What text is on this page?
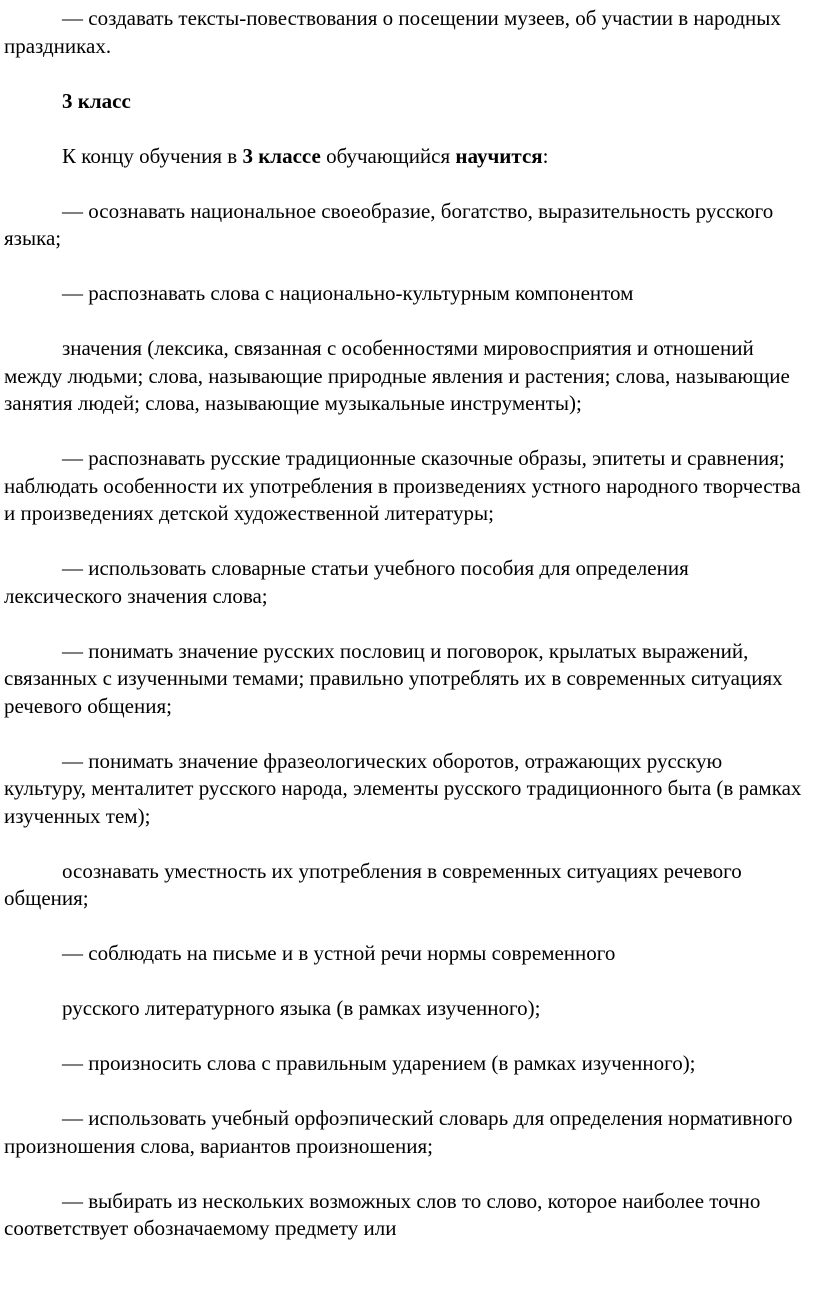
— создавать тексты-повествования о посещении музеев, об участии в народных праздниках.

3 класс

К концу обучения в 3 классе обучающийся научится:

— осознавать национальное своеобразие, богатство, выразительность русского языка;

— распознавать слова с национально-культурным компонентом

значения (лексика, связанная с особенностями мировосприятия и отношений между людьми; слова, называющие природные явления и растения; слова, называющие занятия людей; слова, называющие музыкальные инструменты);

— распознавать русские традиционные сказочные образы, эпитеты и сравнения; наблюдать особенности их употребления в произведениях устного народного творчества и произведениях детской художественной литературы;

— использовать словарные статьи учебного пособия для определения лексического значения слова;

— понимать значение русских пословиц и поговорок, крылатых выражений, связанных с изученными темами; правильно употреблять их в современных ситуациях речевого общения;

— понимать значение фразеологических оборотов, отражающих русскую культуру, менталитет русского народа, элементы русского традиционного быта (в рамках изученных тем);

осознавать уместность их употребления в современных ситуациях речевого общения;

— соблюдать на письме и в устной речи нормы современного

русского литературного языка (в рамках изученного);

— произносить слова с правильным ударением (в рамках изученного);

— использовать учебный орфоэпический словарь для определения нормативного произношения слова, вариантов произношения;

— выбирать из нескольких возможных слов то слово, которое наиболее точно соответствует обозначаемому предмету или
